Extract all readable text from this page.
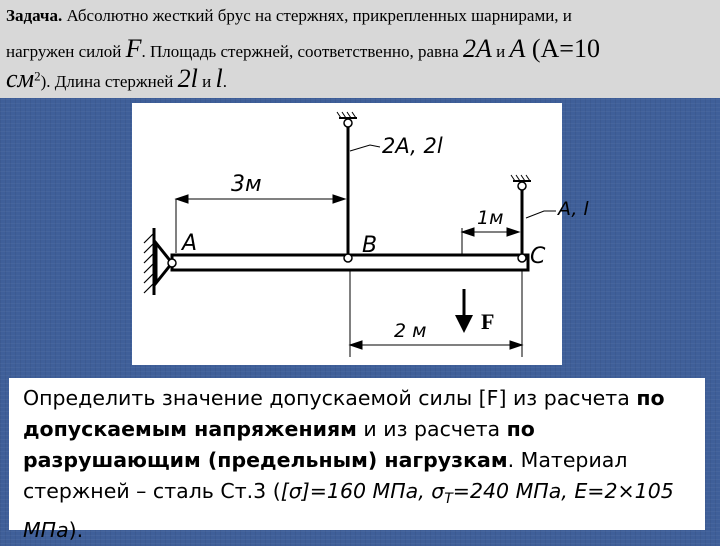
Задача. Абсолютно жесткий брус на стержнях, прикрепленных шарнирами, и
нагружен силой F. Площадь стержней, соответственно, равна 2A и A (A=10
$см^2$). Длина стержней 2l и l.
3м
1м
2 м
2A, 2l
A, l
A	B	C
F
Определить значение допускаемой силы [F] из расчета по допускаемым напряжениям и из расчета по разрушающим (предельным) нагрузкам. Материал стержней – сталь Ст.3 ([σ]=160 МПа, $\sigma_Т=240$ МПа, Е=2×105 МПа).
